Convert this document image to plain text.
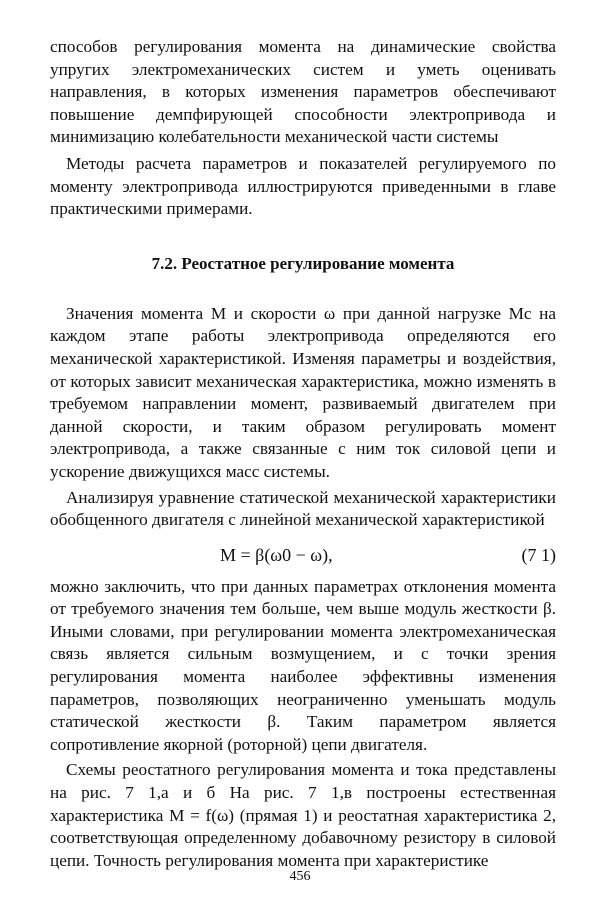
способов регулирования момента на динамические свойства упругих электромеханических систем и уметь оценивать направления, в которых изменения параметров обеспечивают повышение демпфирующей способности электропривода и минимизацию колебательности механической части системы

Методы расчета параметров и показателей регулируемого по моменту электропривода иллюстрируются приведенными в главе практическими примерами.

7.2. Реостатное регулирование момента

Значения момента M и скорости ω при данной нагрузке Mc на каждом этапе работы электропривода определяются его механической характеристикой. Изменяя параметры и воздействия, от которых зависит механическая характеристика, можно изменять в требуемом направлении момент, развиваемый двигателем при данной скорости, и таким образом регулировать момент электропривода, а также связанные с ним ток силовой цепи и ускорение движущихся масс системы.

Анализируя уравнение статической механической характеристики обобщенного двигателя с линейной механической характеристикой

M = β(ω0 − ω),	(7 1)

можно заключить, что при данных параметрах отклонения момента от требуемого значения тем больше, чем выше модуль жесткости β. Иными словами, при регулировании момента электромеханическая связь является сильным возмущением, и с точки зрения регулирования момента наиболее эффективны изменения параметров, позволяющих неограниченно уменьшать модуль статической жесткости β. Таким параметром является сопротивление якорной (роторной) цепи двигателя.

Схемы реостатного регулирования момента и тока представлены на рис. 7 1,а и б На рис. 7 1,в построены естественная характеристика M = f(ω) (прямая 1) и реостатная характеристика 2, соответствующая определенному добавочному резистору в силовой цепи. Точность регулирования момента при характеристике

456
